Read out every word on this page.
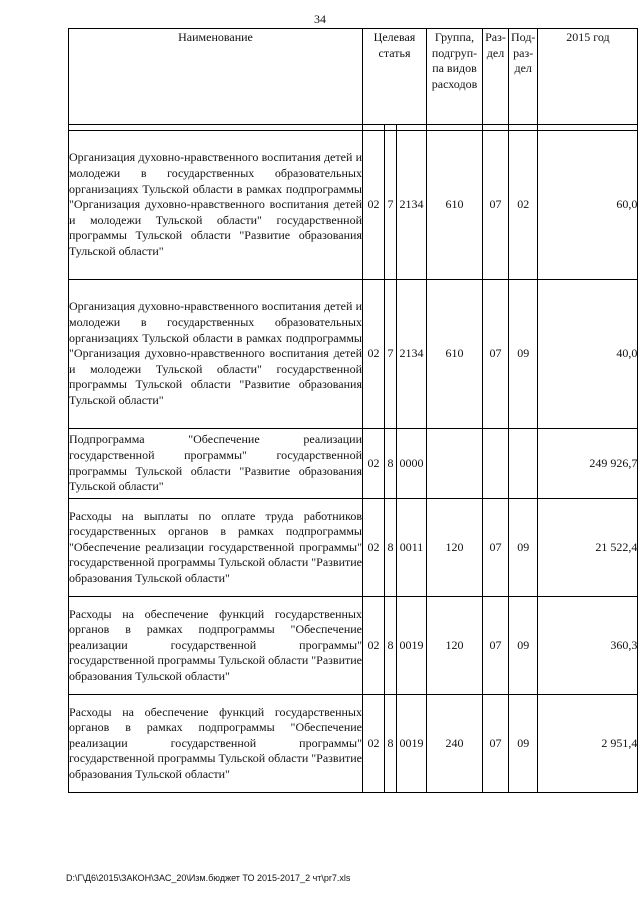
34
Наименование	Целевая статья			Группа, подгруп-па видов расходов	Раз-дел	Под-раз-дел	2015 год

Организация духовно-нравственного воспитания детей и молодежи в государственных образовательных организациях Тульской области в рамках подпрограммы "Организация духовно-нравственного воспитания детей и молодежи Тульской области" государственной программы Тульской области "Развитие образования Тульской области"	02	7	2134	610	07	02	60,0
Организация духовно-нравственного воспитания детей и молодежи в государственных образовательных организациях Тульской области в рамках подпрограммы "Организация духовно-нравственного воспитания детей и молодежи Тульской области" государственной программы Тульской области "Развитие образования Тульской области"	02	7	2134	610	07	09	40,0
Подпрограмма "Обеспечение реализации государственной программы" государственной программы Тульской области "Развитие образования Тульской области"	02	8	0000				249 926,7
Расходы на выплаты по оплате труда работников государственных органов в рамках подпрограммы "Обеспечение реализации государственной программы" государственной программы Тульской области "Развитие образования Тульской области"	02	8	0011	120	07	09	21 522,4
Расходы на обеспечение функций государственных органов в рамках подпрограммы "Обеспечение реализации государственной программы" государственной программы Тульской области "Развитие образования Тульской области"	02	8	0019	120	07	09	360,3
Расходы на обеспечение функций государственных органов в рамках подпрограммы "Обеспечение реализации государственной программы" государственной программы Тульской области "Развитие образования Тульской области"	02	8	0019	240	07	09	2 951,4
D:\Г\Д6\2015\ЗАКОН\ЗАС_20\Изм.бюджет ТО 2015-2017_2 чт\pr7.xls
